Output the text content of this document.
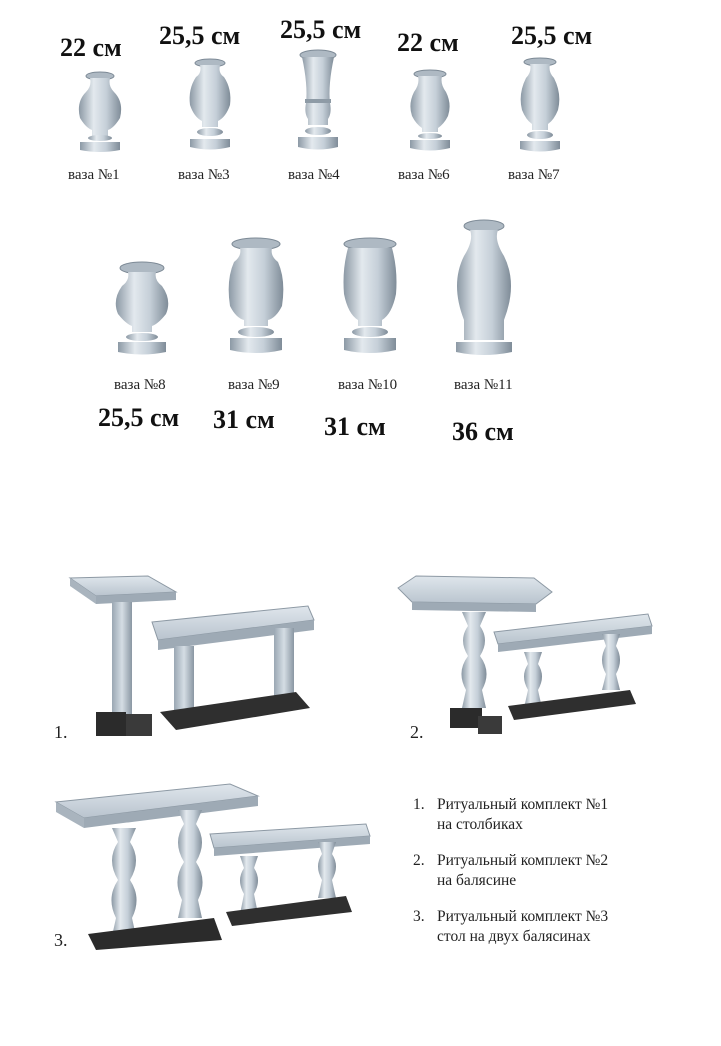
22 см 25,5 см 25,5 см 22 см 25,5 см
ваза №1	ваза №3	ваза №4	ваза №6	ваза №7
ваза №8	ваза №9	ваза №10	ваза №11
25,5 см 31 см 31 см	36 см
1.	2.
3.
1. Ритуальный комплект №1
на столбиках
2. Ритуальный комплект №2
на балясине
3. Ритуальный комплект №3
стол на двух балясинах
